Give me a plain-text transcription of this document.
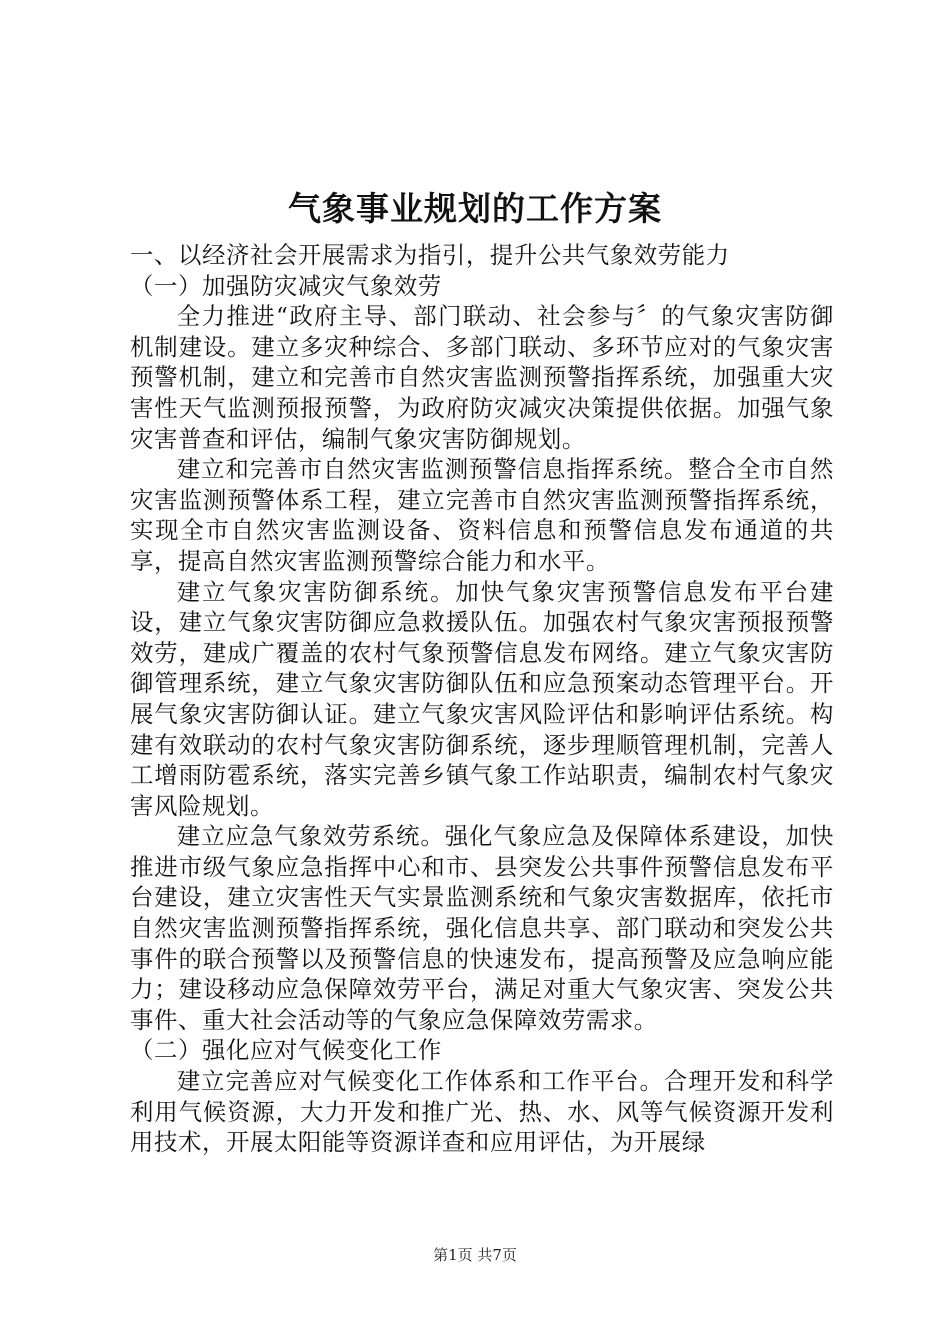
气象事业规划的工作方案

一、以经济社会开展需求为指引，提升公共气象效劳能力

（一）加强防灾减灾气象效劳

全力推进“政府主导、部门联动、社会参与〞的气象灾害防御机制建设。建立多灾种综合、多部门联动、多环节应对的气象灾害预警机制，建立和完善市自然灾害监测预警指挥系统，加强重大灾害性天气监测预报预警，为政府防灾减灾决策提供依据。加强气象灾害普查和评估，编制气象灾害防御规划。

建立和完善市自然灾害监测预警信息指挥系统。整合全市自然灾害监测预警体系工程，建立完善市自然灾害监测预警指挥系统，实现全市自然灾害监测设备、资料信息和预警信息发布通道的共享，提高自然灾害监测预警综合能力和水平。

建立气象灾害防御系统。加快气象灾害预警信息发布平台建设，建立气象灾害防御应急救援队伍。加强农村气象灾害预报预警效劳，建成广覆盖的农村气象预警信息发布网络。建立气象灾害防御管理系统，建立气象灾害防御队伍和应急预案动态管理平台。开展气象灾害防御认证。建立气象灾害风险评估和影响评估系统。构建有效联动的农村气象灾害防御系统，逐步理顺管理机制，完善人工增雨防雹系统，落实完善乡镇气象工作站职责，编制农村气象灾害风险规划。

建立应急气象效劳系统。强化气象应急及保障体系建设，加快推进市级气象应急指挥中心和市、县突发公共事件预警信息发布平台建设，建立灾害性天气实景监测系统和气象灾害数据库，依托市自然灾害监测预警指挥系统，强化信息共享、部门联动和突发公共事件的联合预警以及预警信息的快速发布，提高预警及应急响应能力；建设移动应急保障效劳平台，满足对重大气象灾害、突发公共事件、重大社会活动等的气象应急保障效劳需求。

（二）强化应对气候变化工作

建立完善应对气候变化工作体系和工作平台。合理开发和科学利用气候资源，大力开发和推广光、热、水、风等气候资源开发利用技术，开展太阳能等资源详查和应用评估，为开展绿

第1页 共7页
